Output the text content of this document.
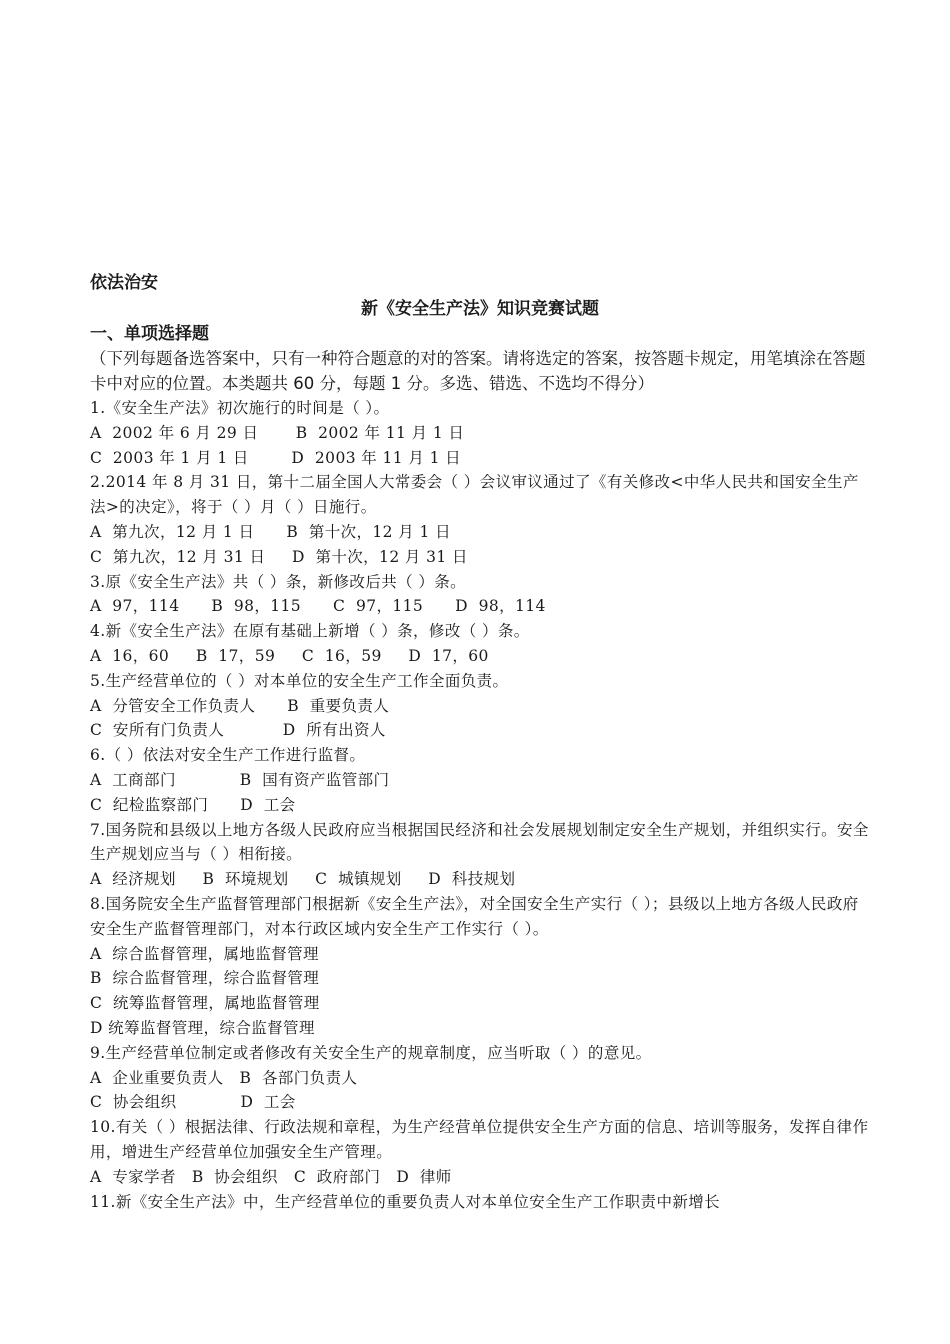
依法治安

新《安全生产法》知识竞赛试题

一、单项选择题

（下列每题备选答案中，只有一种符合题意的对的答案。请将选定的答案，按答题卡规定，用笔填涂在答题卡中对应的位置。本类题共 60 分，每题 1 分。多选、错选、不选均不得分）

1.《安全生产法》初次施行的时间是（ ）。

A  2002 年 6 月 29 日       B  2002 年 11 月 1 日

C  2003 年 1 月 1 日        D  2003 年 11 月 1 日

2.2014 年 8 月 31 日，第十二届全国人大常委会（ ）会议审议通过了《有关修改<中华人民共和国安全生产法>的决定》，将于（ ）月（ ）日施行。

A  第九次，12 月 1 日      B  第十次，12 月 1 日

C  第九次，12 月 31 日     D  第十次，12 月 31 日

3.原《安全生产法》共（ ）条，新修改后共（ ）条。

A  97，114      B  98，115      C  97，115      D  98，114

4.新《安全生产法》在原有基础上新增（ ）条，修改（ ）条。

A  16，60     B  17，59     C  16，59     D  17，60

5.生产经营单位的（ ）对本单位的安全生产工作全面负责。

A  分管安全工作负责人      B  重要负责人

C  安所有门负责人           D  所有出资人

6.（ ）依法对安全生产工作进行监督。

A  工商部门            B  国有资产监管部门

C  纪检监察部门      D  工会

7.国务院和县级以上地方各级人民政府应当根据国民经济和社会发展规划制定安全生产规划，并组织实行。安全生产规划应当与（ ）相衔接。

A  经济规划     B  环境规划     C  城镇规划     D  科技规划

8.国务院安全生产监督管理部门根据新《安全生产法》，对全国安全生产实行（ ）；县级以上地方各级人民政府安全生产监督管理部门，对本行政区域内安全生产工作实行（ ）。

A  综合监督管理，属地监督管理

B  综合监督管理，综合监督管理

C  统筹监督管理，属地监督管理

D 统筹监督管理，综合监督管理

9.生产经营单位制定或者修改有关安全生产的规章制度，应当听取（ ）的意见。

A  企业重要负责人   B  各部门负责人

C  协会组织            D  工会

10.有关（ ）根据法律、行政法规和章程，为生产经营单位提供安全生产方面的信息、培训等服务，发挥自律作用，增进生产经营单位加强安全生产管理。

A  专家学者   B  协会组织   C  政府部门   D  律师

11.新《安全生产法》中，生产经营单位的重要负责人对本单位安全生产工作职责中新增长
